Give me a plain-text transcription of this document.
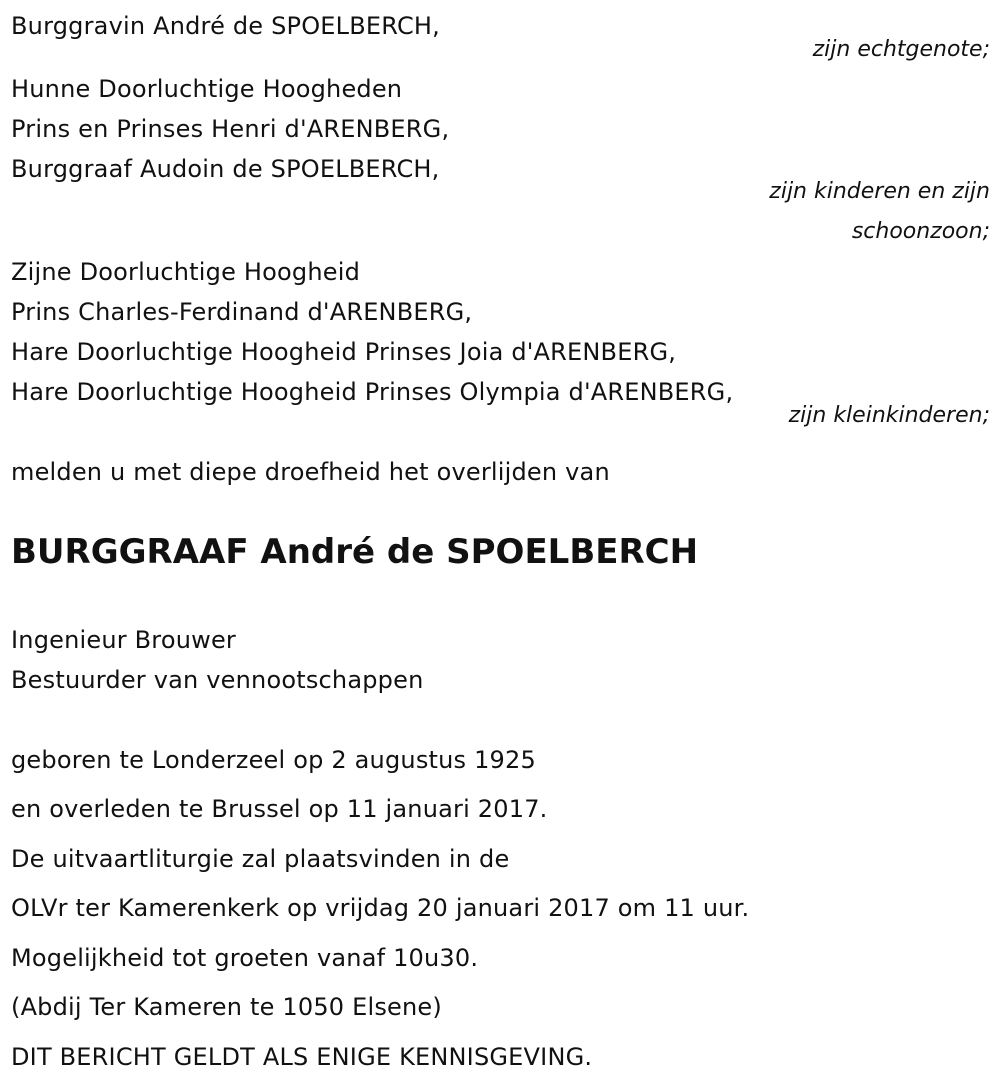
Burggravin André de SPOELBERCH,
zijn echtgenote;
Hunne Doorluchtige Hoogheden
Prins en Prinses Henri d'ARENBERG,
Burggraaf Audoin de SPOELBERCH,
zijn kinderen en zijn
schoonzoon;
Zijne Doorluchtige Hoogheid
Prins Charles-Ferdinand d'ARENBERG,
Hare Doorluchtige Hoogheid Prinses Joia d'ARENBERG,
Hare Doorluchtige Hoogheid Prinses Olympia d'ARENBERG,
zijn kleinkinderen;
melden u met diepe droefheid het overlijden van
BURGGRAAF André de SPOELBERCH
Ingenieur Brouwer
Bestuurder van vennootschappen
geboren te Londerzeel op 2 augustus 1925
en overleden te Brussel op 11 januari 2017.
De uitvaartliturgie zal plaatsvinden in de
OLVr ter Kamerenkerk op vrijdag 20 januari 2017 om 11 uur.
Mogelijkheid tot groeten vanaf 10u30.
(Abdij Ter Kameren te 1050 Elsene)
DIT BERICHT GELDT ALS ENIGE KENNISGEVING.
